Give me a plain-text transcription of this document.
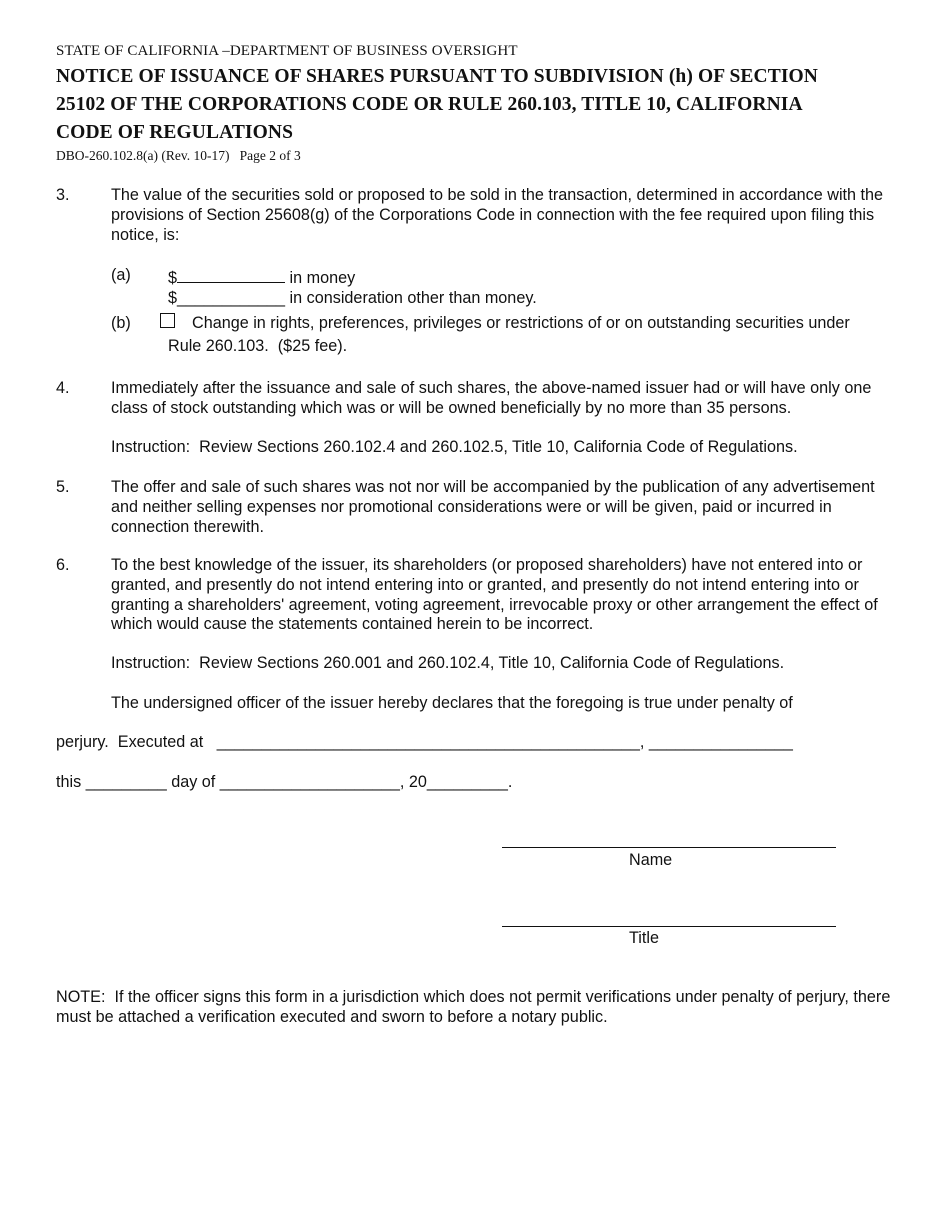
STATE OF CALIFORNIA –DEPARTMENT OF BUSINESS OVERSIGHT
NOTICE OF ISSUANCE OF SHARES PURSUANT TO SUBDIVISION (h) OF SECTION 25102 OF THE CORPORATIONS CODE OR RULE 260.103, TITLE 10, CALIFORNIA CODE OF REGULATIONS
DBO-260.102.8(a) (Rev. 10-17)   Page 2 of 3
3.	The value of the securities sold or proposed to be sold in the transaction, determined in accordance with the provisions of Section 25608(g) of the Corporations Code in connection with the fee required upon filing this notice, is:
(a) $	in money
$____________ in consideration other than money.
(b)	Change in rights, preferences, privileges or restrictions of or on outstanding securities under
Rule 260.103.  ($25 fee).
4.	Immediately after the issuance and sale of such shares, the above-named issuer had or will have only one class of stock outstanding which was or will be owned beneficially by no more than 35 persons.
Instruction:  Review Sections 260.102.4 and 260.102.5, Title 10, California Code of Regulations.
5.	The offer and sale of such shares was not nor will be accompanied by the publication of any advertisement and neither selling expenses nor promotional considerations were or will be given, paid or incurred in connection therewith.
6.	To the best knowledge of the issuer, its shareholders (or proposed shareholders) have not entered into or granted, and presently do not intend entering into or granted, and presently do not intend entering into or granting a shareholders' agreement, voting agreement, irrevocable proxy or other arrangement the effect of which would cause the statements contained herein to be incorrect.
Instruction:  Review Sections 260.001 and 260.102.4, Title 10, California Code of Regulations.
The undersigned officer of the issuer hereby declares that the foregoing is true under penalty of
perjury.  Executed at   _______________________________________________, ________________
this _________ day of ____________________, 20_________.
Name
Title
NOTE:  If the officer signs this form in a jurisdiction which does not permit verifications under penalty of perjury, there must be attached a verification executed and sworn to before a notary public.
